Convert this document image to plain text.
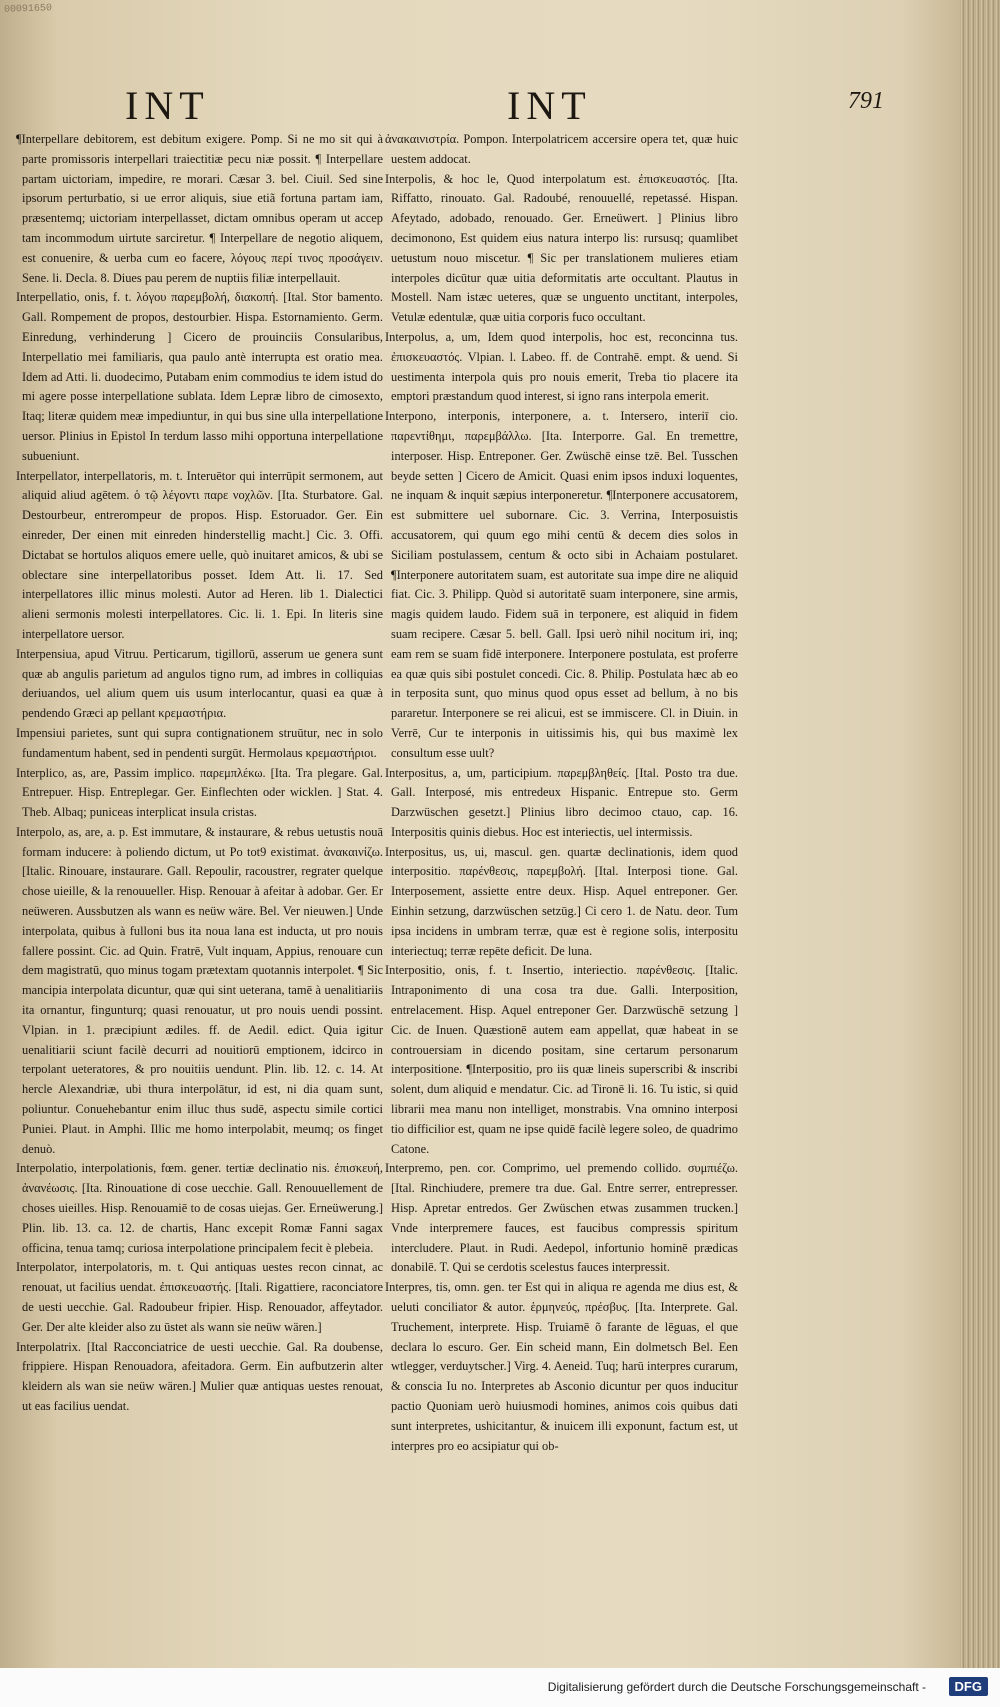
00091650
INT	INT	791

¶Interpellare debitorem, est debitum exigere. Pomp. Si ne mo sit qui à parte promissoris interpellari traiectitiæ pecu niæ possit. ¶ Interpellare partam uictoriam, impedire, re morari. Cæsar 3. bel. Ciuil. Sed sine ipsorum perturbatio, si ue error aliquis, siue etiã fortuna partam iam, præsentemq; uictoriam interpellasset, dictam omnibus operam ut accep tam incommodum uirtute sarciretur. ¶ Interpellare de negotio aliquem, est conuenire, & uerba cum eo facere, λόγους περί τινος προσάγειν. Sene. li. Decla. 8. Diues pau perem de nuptiis filiæ interpellauit.

Interpellatio, onis, f. t. λόγου παρεμβολή, διακοπή. [Ital. Stor bamento. Gall. Rompement de propos, destourbier. Hispa. Estornamiento. Germ. Einredung, verhinderung ] Cicero de prouinciis Consularibus, Interpellatio mei familiaris, qua paulo antè interrupta est oratio mea. Idem ad Atti. li. duodecimo, Putabam enim commodius te idem istud do mi agere posse interpellatione sublata. Idem Lepræ libro de cimosexto, Itaq; literæ quidem meæ impediuntur, in qui bus sine ulla interpellatione uersor. Plinius in Epistol In terdum lasso mihi opportuna interpellatione subueniunt.

Interpellator, interpellatoris, m. t. Interuētor qui interrūpit sermonem, aut aliquid aliud agētem. ὁ τῷ λέγοντι παρε νοχλῶν. [Ita. Sturbatore. Gal. Destourbeur, entrerompeur de propos. Hisp. Estoruador. Ger. Ein einreder, Der einen mit einreden hinderstellig macht.] Cic. 3. Offi. Dictabat se hortulos aliquos emere uelle, quò inuitaret amicos, & ubi se oblectare sine interpellatoribus posset. Idem Att. li. 17. Sed interpellatores illic minus molesti. Autor ad Heren. lib 1. Dialectici alieni sermonis molesti interpellatores. Cic. li. 1. Epi. In literis sine interpellatore uersor.

Interpensiua, apud Vitruu. Perticarum, tigillorū, asserum ue genera sunt quæ ab angulis parietum ad angulos tigno rum, ad imbres in colliquias deriuandos, uel alium quem uis usum interlocantur, quasi ea quæ à pendendo Græci ap pellant κρεμαστήρια.

Impensiui parietes, sunt qui supra contignationem struūtur, nec in solo fundamentum habent, sed in pendenti surgūt. Hermolaus κρεμαστήριοι.

Interplico, as, are, Passim implico. παρεμπλέκω. [Ita. Tra plegare. Gal. Entrepuer. Hisp. Entreplegar. Ger. Einflechten oder wicklen. ] Stat. 4. Theb. Albaq; puniceas interplicat insula cristas.

Interpolo, as, are, a. p. Est immutare, & instaurare, & rebus uetustis nouā formam inducere: à poliendo dictum, ut Po tot9 existimat. ἀνακαινίζω. [Italic. Rinouare, instaurare. Gall. Repoulir, racoustrer, regrater quelque chose uieille, & la renouueller. Hisp. Renouar à afeitar à adobar. Ger. Er neüweren. Aussbutzen als wann es neüw wäre. Bel. Ver nieuwen.] Unde interpolata, quibus à fulloni bus ita noua lana est inducta, ut pro nouis fallere possint. Cic. ad Quin. Fratrē, Vult inquam, Appius, renouare cun dem magistratū, quo minus togam prætextam quotannis interpolet. ¶ Sic mancipia interpolata dicuntur, quæ qui sint ueterana, tamē à uenalitiariis ita ornantur, fingunturq; quasi renouatur, ut pro nouis uendi possint. Vlpian. in 1. præcipiunt ædiles. ff. de Aedil. edict. Quia igitur uenalitiarii sciunt facilè decurri ad nouitiorū emptionem, idcirco in terpolant ueteratores, & pro nouitiis uendunt. Plin. lib. 12. c. 14. At hercle Alexandriæ, ubi thura interpolātur, id est, ni dia quam sunt, poliuntur. Conuehebantur enim illuc thus sudē, aspectu simile cortici Puniei. Plaut. in Amphi. Illic me homo interpolabit, meumq; os finget denuò.

Interpolatio, interpolationis, fœm. gener. tertiæ declinatio nis. ἐπισκευή, ἀνανέωσις. [Ita. Rinouatione di cose uecchie. Gall. Renouuellement de choses uieilles. Hisp. Renouamiē to de cosas uiejas. Ger. Erneüwerung.] Plin. lib. 13. ca. 12. de chartis, Hanc excepit Romæ Fanni sagax officina, tenua tamq; curiosa interpolatione principalem fecit è plebeia.

Interpolator, interpolatoris, m. t. Qui antiquas uestes recon cinnat, ac renouat, ut facilius uendat. ἐπισκευαστής. [Itali. Rigattiere, raconciatore de uesti uecchie. Gal. Radoubeur fripier. Hisp. Renouador, affeytador. Ger. Der alte kleider also zu ūstet als wann sie neüw wären.]

Interpolatrix. [Ital Racconciatrice de uesti uecchie. Gal. Ra doubense, frippiere. Hispan Renouadora, afeitadora. Germ. Ein aufbutzerin alter kleidern als wan sie neüw wären.] Mulier quæ antiquas uestes renouat, ut eas facilius uendat.

ἀνακαινιστρία. Pompon. Interpolatricem accersire opera tet, quæ huic uestem addocat.

Interpolis, & hoc le, Quod interpolatum est. ἐπισκευαστός. [Ita. Riffatto, rinouato. Gal. Radoubé, renouuellé, repetassé. Hispan. Afeytado, adobado, renouado. Ger. Erneüwert. ] Plinius libro decimonono, Est quidem eius natura interpo lis: rursusq; quamlibet uetustum nouo miscetur. ¶ Sic per translationem mulieres etiam interpoles dicūtur quæ uitia deformitatis arte occultant. Plautus in Mostell. Nam istæc ueteres, quæ se unguento unctitant, interpoles, Vetulæ edentulæ, quæ uitia corporis fuco occultant.

Interpolus, a, um, Idem quod interpolis, hoc est, reconcinna tus. ἐπισκευαστός. Vlpian. l. Labeo. ff. de Contrahē. empt. & uend. Si uestimenta interpola quis pro nouis emerit, Treba tio placere ita emptori præstandum quod interest, si igno rans interpola emerit.

Interpono, interponis, interponere, a. t. Intersero, interiī cio. παρεντίθημι, παρεμβάλλω. [Ita. Interporre. Gal. En tremettre, interposer. Hisp. Entreponer. Ger. Zwüschē einse tzē. Bel. Tusschen beyde setten ] Cicero de Amicit. Quasi enim ipsos induxi loquentes, ne inquam & inquit sæpius interponeretur. ¶Interponere accusatorem, est submittere uel subornare. Cic. 3. Verrina, Interposuistis accusatorem, qui quum ego mihi centū & decem dies solos in Siciliam postulassem, centum & octo sibi in Achaiam postularet. ¶Interponere autoritatem suam, est autoritate sua impe dire ne aliquid fiat. Cic. 3. Philipp. Quòd si autoritatē suam interponere, sine armis, magis quidem laudo. Fidem suā in terponere, est aliquid in fidem suam recipere. Cæsar 5. bell. Gall. Ipsi uerò nihil nocitum iri, inq; eam rem se suam fidē interponere. Interponere postulata, est proferre ea quæ quis sibi postulet concedi. Cic. 8. Philip. Postulata hæc ab eo in terposita sunt, quo minus quod opus esset ad bellum, à no bis pararetur. Interponere se rei alicui, est se immiscere. Cl. in Diuin. in Verrē, Cur te interponis in uitissimis his, qui bus maximè lex consultum esse uult?

Interpositus, a, um, participium. παρεμβληθείς. [Ital. Posto tra due. Gall. Interposé, mis entredeux Hispanic. Entrepue sto. Germ Darzwüschen gesetzt.] Plinius libro decimoo ctauo, cap. 16. Interpositis quinis diebus. Hoc est interiectis, uel intermissis.

Interpositus, us, ui, mascul. gen. quartæ declinationis, idem quod interpositio. παρένθεσις, παρεμβολή. [Ital. Interposi tione. Gal. Interposement, assiette entre deux. Hisp. Aquel entreponer. Ger. Einhin setzung, darzwüschen setzūg.] Ci cero 1. de Natu. deor. Tum ipsa incidens in umbram terræ, quæ est è regione solis, interpositu interiectuq; terræ repēte deficit. De luna.

Interpositio, onis, f. t. Insertio, interiectio. παρένθεσις. [Italic. Intraponimento di una cosa tra due. Galli. Interposition, entrelacement. Hisp. Aquel entreponer Ger. Darzwüschē setzung ] Cic. de Inuen. Quæstionē autem eam appellat, quæ habeat in se controuersiam in dicendo positam, sine certarum personarum interpositione. ¶Interpositio, pro iis quæ lineis superscribi & inscribi solent, dum aliquid e mendatur. Cic. ad Tironē li. 16. Tu istic, si quid librarii mea manu non intelliget, monstrabis. Vna omnino interposi tio difficilior est, quam ne ipse quidē facilè legere soleo, de quadrimo Catone.

Interpremo, pen. cor. Comprimo, uel premendo collido. συμπιέζω. [Ital. Rinchiudere, premere tra due. Gal. Entre serrer, entrepresser. Hisp. Apretar entredos. Ger Zwüschen etwas zusammen trucken.] Vnde interpremere fauces, est faucibus compressis spiritum intercludere. Plaut. in Rudi. Aedepol, infortunio hominē prædicas donabilē. T. Qui se cerdotis scelestus fauces interpressit.

Interpres, tis, omn. gen. ter Est qui in aliqua re agenda me dius est, & ueluti conciliator & autor. ἑρμηνεύς, πρέσβυς. [Ita. Interprete. Gal. Truchement, interprete. Hisp. Truiamē õ farante de lēguas, el que declara lo escuro. Ger. Ein scheid mann, Ein dolmetsch Bel. Een wtlegger, verduytscher.] Virg. 4. Aeneid. Tuq; harū interpres curarum, & conscia Iu no. Interpretes ab Asconio dicuntur per quos inducitur pactio Quoniam uerò huiusmodi homines, animos cois quibus dati sunt interpretes, ushicitantur, & inuicem illi exponunt, factum est, ut interpres pro eo acsipiatur qui ob-

Digitalisierung gefördert durch die Deutsche Forschungsgemeinschaft -	DFG
